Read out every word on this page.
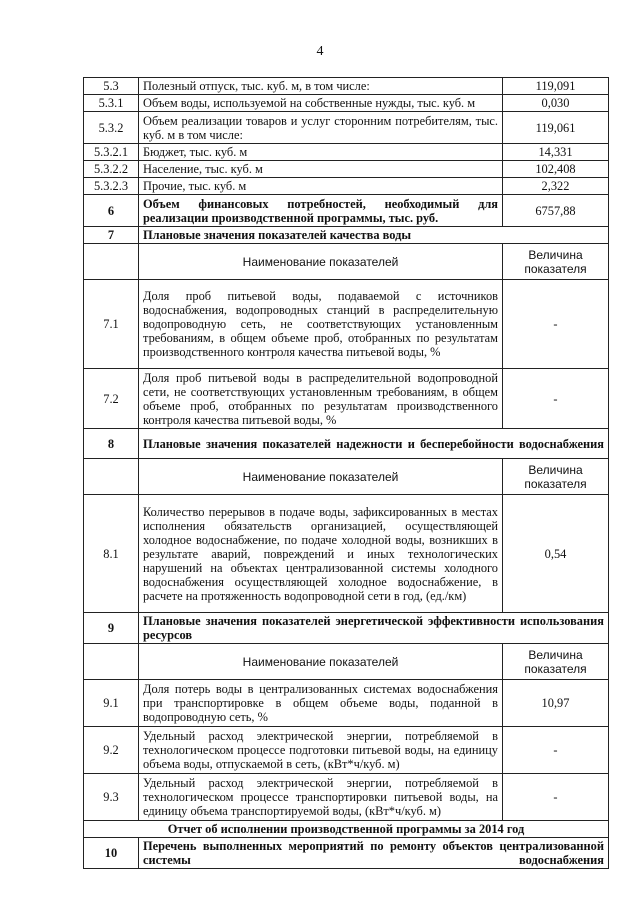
4
5.3	Полезный отпуск, тыс. куб. м, в том числе:	119,091
5.3.1	Объем воды, используемой на собственные нужды, тыс. куб. м	0,030
5.3.2	Объем реализации товаров и услуг сторонним потребителям, тыс. куб. м в том числе:	119,061
5.3.2.1	Бюджет, тыс. куб. м	14,331
5.3.2.2	Население, тыс. куб. м	102,408
5.3.2.3	Прочие, тыс. куб. м	2,322
6	Объем финансовых потребностей, необходимый для реализации производственной программы, тыс. руб.	6757,88
7	Плановые значения показателей качества воды	
	Наименование показателей	Величина показателя
7.1	Доля проб питьевой воды, подаваемой с источников водоснабжения, водопроводных станций в распределительную водопроводную сеть, не соответствующих установленным требованиям, в общем объеме проб, отобранных по результатам производственного контроля качества питьевой воды, %	-
7.2	Доля проб питьевой воды в распределительной водопроводной сети, не соответствующих установленным требованиям, в общем объеме проб, отобранных по результатам производственного контроля качества питьевой воды, %	-
8	Плановые значения показателей надежности и бесперебойности водоснабжения	
	Наименование показателей	Величина показателя
8.1	Количество перерывов в подаче воды, зафиксированных в местах исполнения обязательств организацией, осуществляющей холодное водоснабжение, по подаче холодной воды, возникших в результате аварий, повреждений и иных технологических нарушений на объектах централизованной системы холодного водоснабжения осуществляющей холодное водоснабжение, в расчете на протяженность водопроводной сети в год, (ед./км)	0,54
9	Плановые значения показателей энергетической эффективности использования ресурсов	
	Наименование показателей	Величина показателя
9.1	Доля потерь воды в централизованных системах водоснабжения при транспортировке в общем объеме воды, поданной в водопроводную сеть, %	10,97
9.2	Удельный расход электрической энергии, потребляемой в технологическом процессе подготовки питьевой воды, на единицу объема воды, отпускаемой в сеть, (кВт*ч/куб. м)	-
9.3	Удельный расход электрической энергии, потребляемой в технологическом процессе транспортировки питьевой воды, на единицу объема транспортируемой воды, (кВт*ч/куб. м)	-
Отчет об исполнении производственной программы за 2014 год		
10	Перечень выполненных мероприятий по ремонту объектов централизованной системы водоснабжения	
